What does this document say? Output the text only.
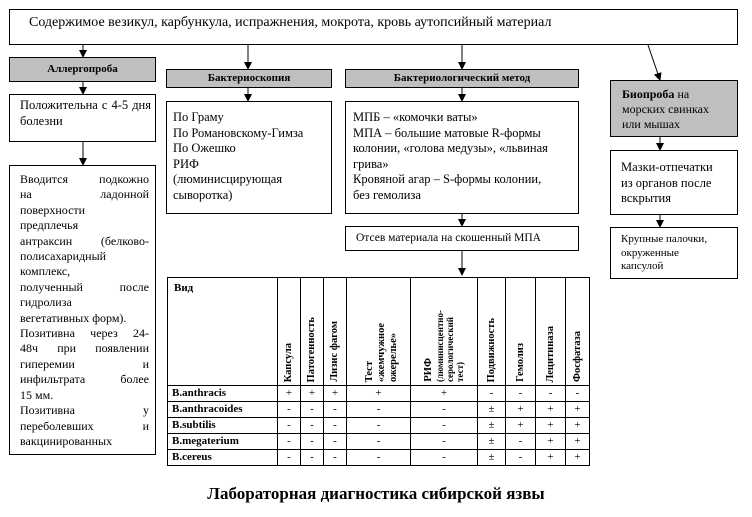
Содержимое везикул, карбункула, испражнения, мокрота, кровь аутопсийный материал
Аллергопроба
Положительна с 4-5 дня болезни
Вводится подкожно
на ладонной
поверхности
предплечья
антраксин (белково-
полисахаридный
комплекс,
полученный после
гидролиза
вегетативных форм).
Позитивна через 24-
48ч при появлении
гиперемии и
инфильтрата более
15 мм.
Позитивна у
переболевших и
вакцинированных
Бактериоскопия
По Граму
По Романовскому-Гимза
По Ожешко
РИФ
(люминисцирующая
сыворотка)
Бактериологический метод
МПБ – «комочки ваты»
МПА – большие матовые R-формы
колонии, «голова медузы», «львиная
грива»
Кровяной агар – S-формы колонии,
без гемолиза
Отсев материала на скошенный МПА
Биопроба на
морских свинках
или мышах
Мазки-отпечатки
из органов после
вскрытия
Крупные палочки,
окруженные
капсулой
Вид	Капсула	Патогенность	Лизис фагом	Тест «жемчужное ожерелье»	РИФ (люминисцентно- серологический тест)	Подвижность	Гемолиз	Лецитиназа	Фосфатаза

B.anthracis	+	+	+	+	+	-	-	-	-
B.anthracoides	-	-	-	-	-	±	+	+	+
B.subtilis	-	-	-	-	-	±	+	+	+
B.megaterium	-	-	-	-	-	±	-	+	+
B.cereus	-	-	-	-	-	±	-	+	+
Лабораторная диагностика сибирской язвы
